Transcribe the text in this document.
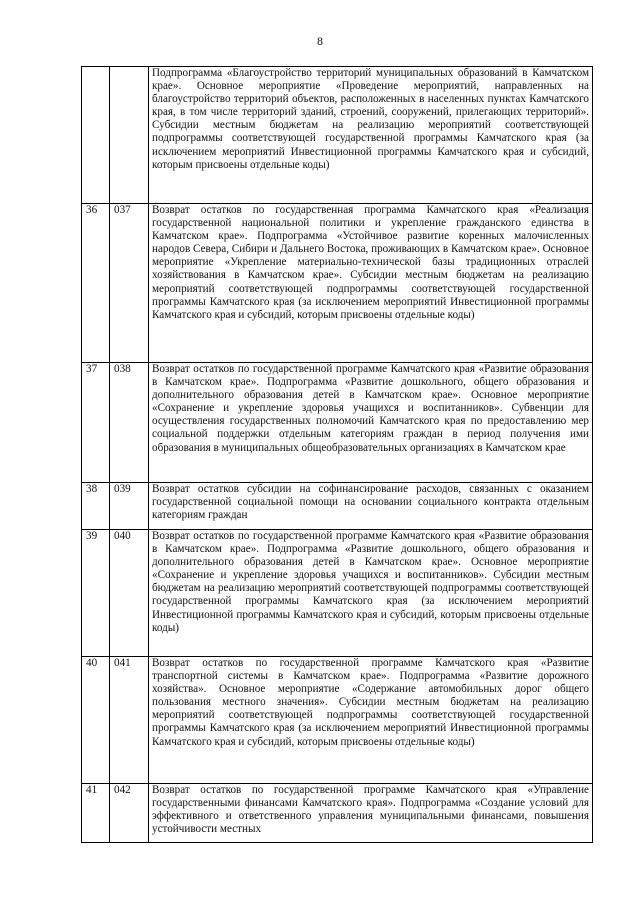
8
		Подпрограмма «Благоустройство территорий муниципальных образований в Камчатском крае». Основное мероприятие «Проведение мероприятий, направленных на благоустройство территорий объектов, расположенных в населенных пунктах Камчатского края, в том числе территорий зданий, строений, сооружений, прилегающих территорий». Субсидии местным бюджетам на реализацию мероприятий соответствующей подпрограммы соответствующей государственной программы Камчатского края (за исключением мероприятий Инвестиционной программы Камчатского края и субсидий, которым присвоены отдельные коды)
36	037	Возврат остатков по государственная программа Камчатского края «Реализация государственной национальной политики и укрепление гражданского единства в Камчатском крае». Подпрограмма «Устойчивое развитие коренных малочисленных народов Севера, Сибири и Дальнего Востока, проживающих в Камчатском крае». Основное мероприятие «Укрепление материально-технической базы традиционных отраслей хозяйствования в Камчатском крае». Субсидии местным бюджетам на реализацию мероприятий соответствующей подпрограммы соответствующей государственной программы Камчатского края (за исключением мероприятий Инвестиционной программы Камчатского края и субсидий, которым присвоены отдельные коды)
37	038	Возврат остатков по государственной программе Камчатского края «Развитие образования в Камчатском крае». Подпрограмма «Развитие дошкольного, общего образования и дополнительного образования детей в Камчатском крае». Основное мероприятие «Сохранение и укрепление здоровья учащихся и воспитанников». Субвенции для осуществления государственных полномочий Камчатского края по предоставлению мер социальной поддержки отдельным категориям граждан в период получения ими образования в муниципальных общеобразовательных организациях в Камчатском крае
38	039	Возврат остатков субсидии на софинансирование расходов, связанных с оказанием государственной социальной помощи на основании социального контракта отдельным категориям граждан
39	040	Возврат остатков по государственной программе Камчатского края «Развитие образования в Камчатском крае». Подпрограмма «Развитие дошкольного, общего образования и дополнительного образования детей в Камчатском крае». Основное мероприятие «Сохранение и укрепление здоровья учащихся и воспитанников». Субсидии местным бюджетам на реализацию мероприятий соответствующей подпрограммы соответствующей государственной программы Камчатского края (за исключением мероприятий Инвестиционной программы Камчатского края и субсидий, которым присвоены отдельные коды)
40	041	Возврат остатков по государственной программе Камчатского края «Развитие транспортной системы в Камчатском крае». Подпрограмма «Развитие дорожного хозяйства». Основное мероприятие «Содержание автомобильных дорог общего пользования местного значения». Субсидии местным бюджетам на реализацию мероприятий соответствующей подпрограммы соответствующей государственной программы Камчатского края (за исключением мероприятий Инвестиционной программы Камчатского края и субсидий, которым присвоены отдельные коды)
41	042	Возврат остатков по государственной программе Камчатского края «Управление государственными финансами Камчатского края». Подпрограмма «Создание условий для эффективного и ответственного управления муниципальными финансами, повышения устойчивости местных
